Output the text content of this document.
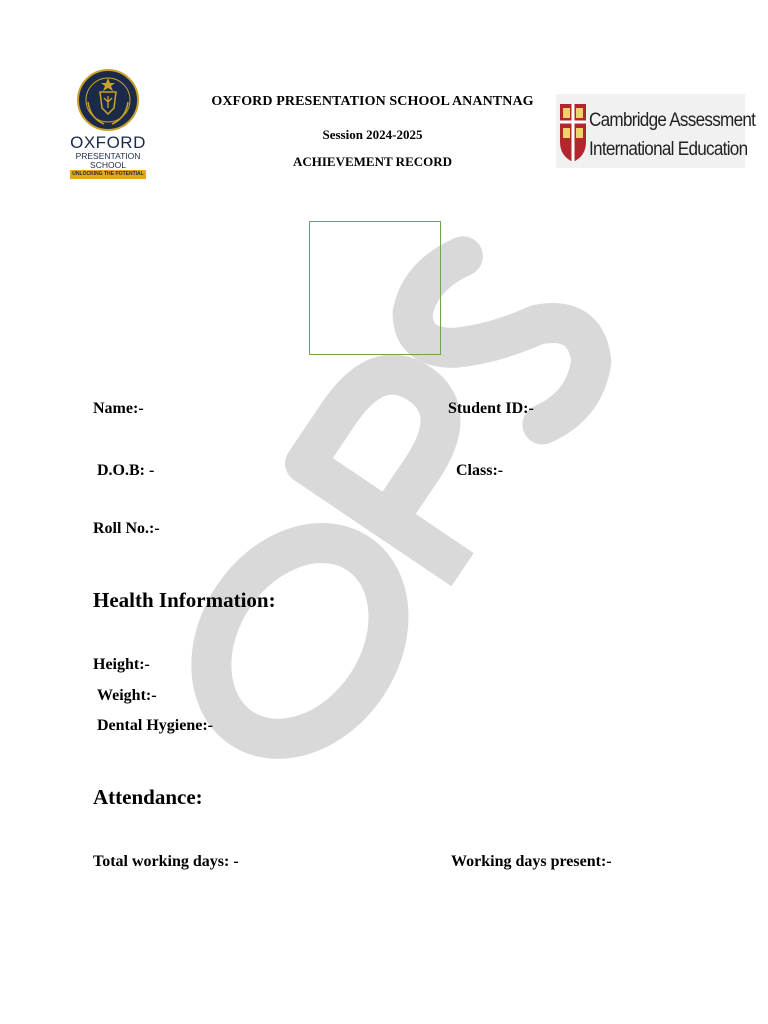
OXFORD
PRESENTATION
SCHOOL
UNLOCKING THE POTENTIAL
OXFORD PRESENTATION SCHOOL ANANTNAG
Session 2024-2025
ACHIEVEMENT RECORD
Cambridge Assessment
International Education
Name:-	Student ID:-
D.O.B: -	Class:-
Roll No.:-
Health Information:
Height:-
Weight:-
Dental Hygiene:-
Attendance:
Total working days: -	Working days present:-
